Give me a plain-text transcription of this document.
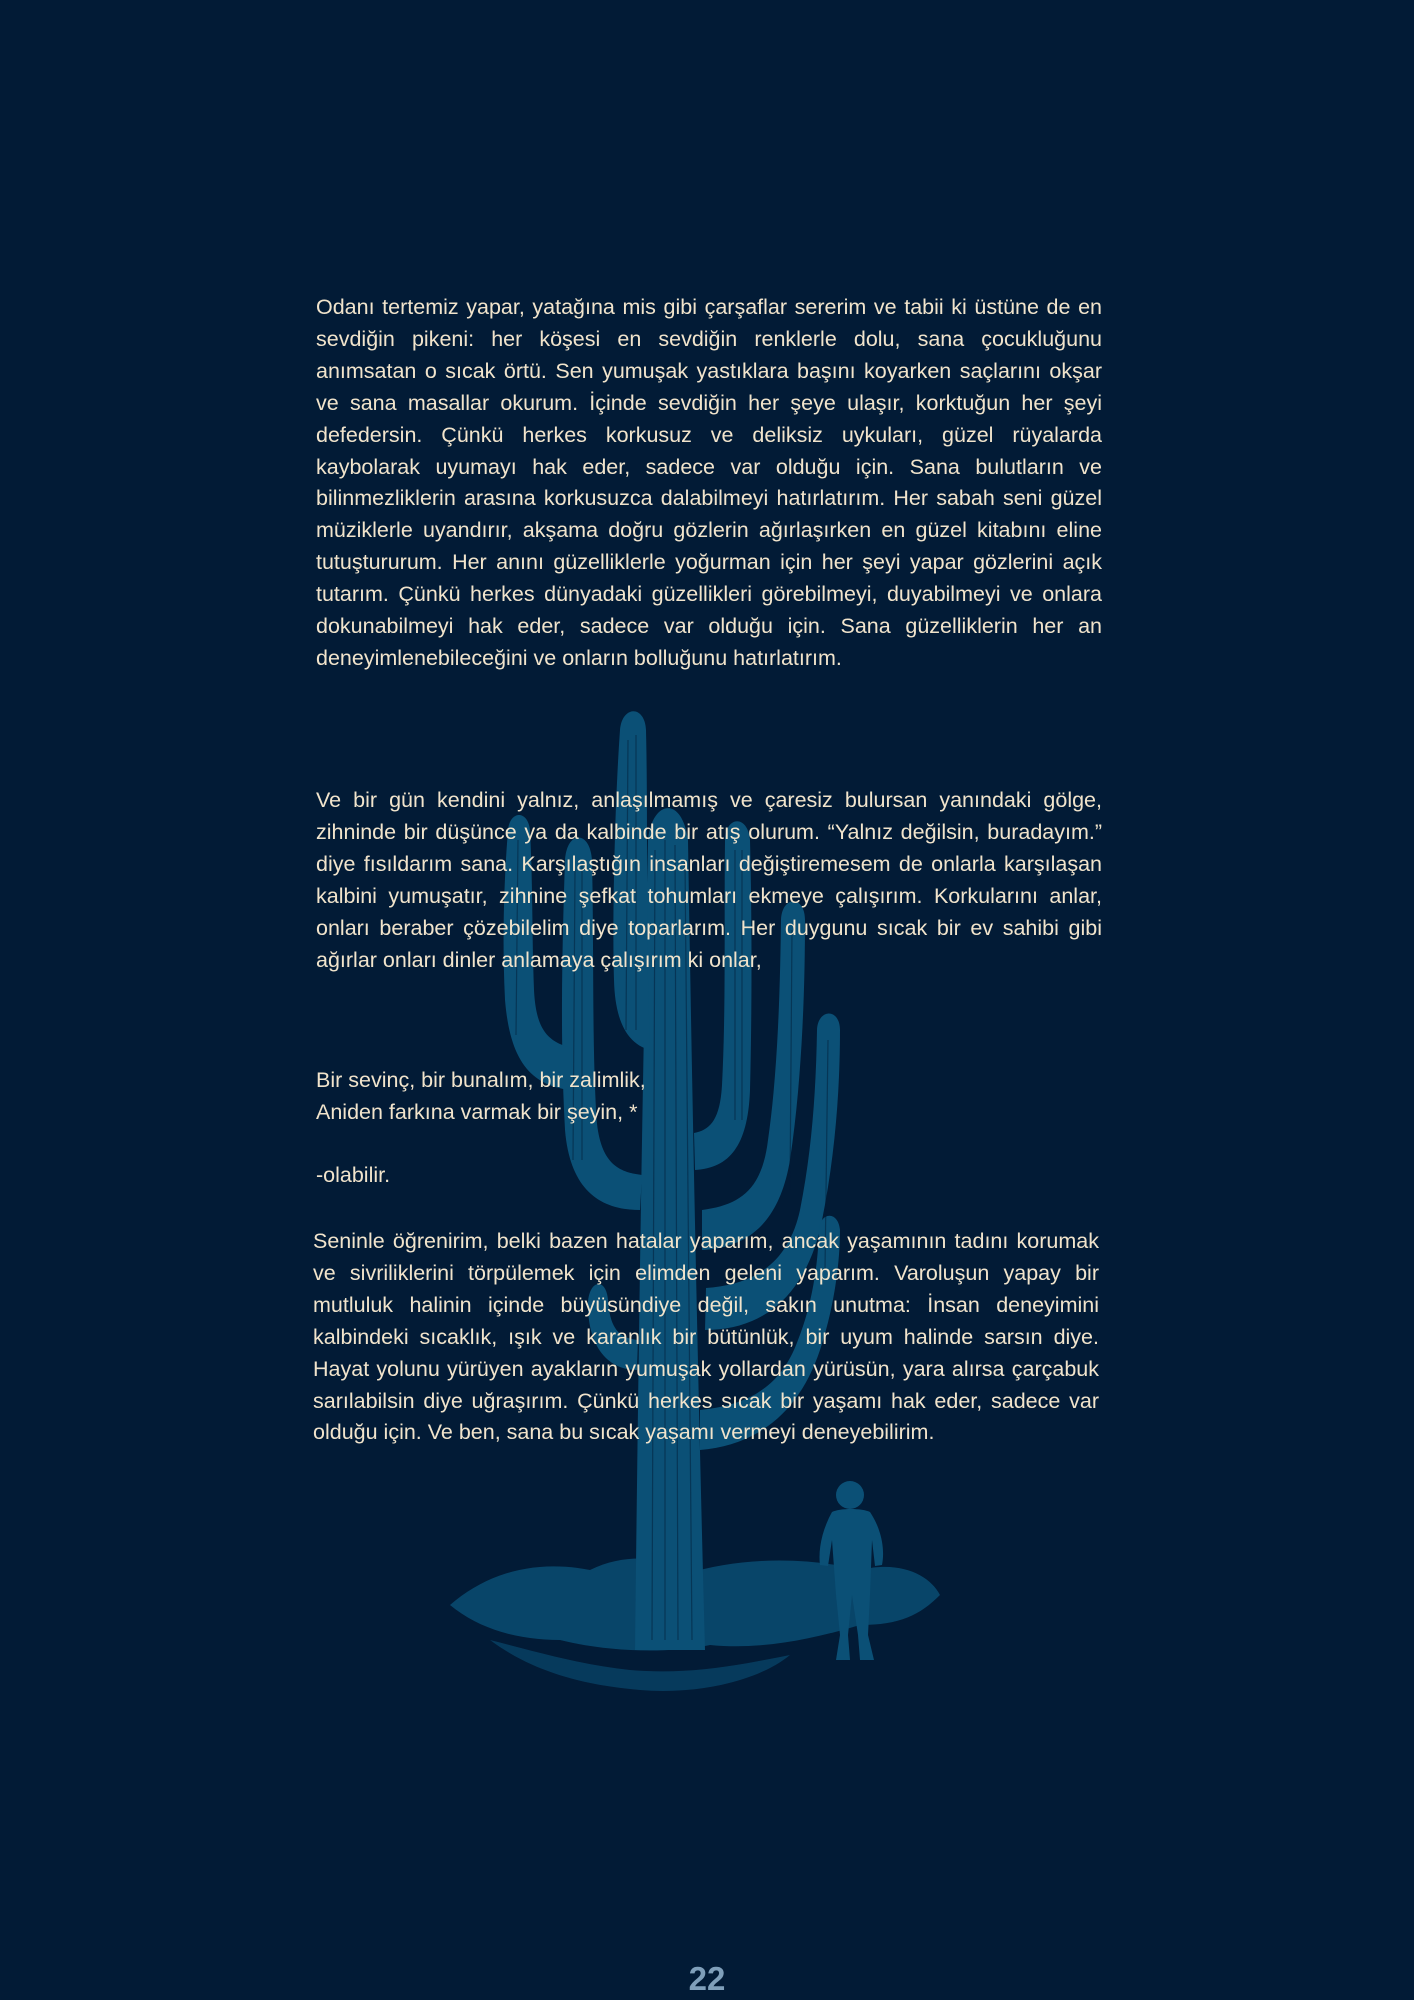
Odanı tertemiz yapar, yatağına mis gibi çarşaflar sererim ve tabii ki üstüne de en sevdiğin pikeni: her köşesi en sevdiğin renklerle dolu, sana çocukluğunu anımsatan o sıcak örtü. Sen yumuşak yastıklara başını koyarken saçlarını okşar ve sana masallar okurum. İçinde sevdiğin her şeye ulaşır, korktuğun her şeyi defedersin. Çünkü herkes korkusuz ve deliksiz uykuları, güzel rüyalarda kaybolarak uyumayı hak eder, sadece var olduğu için. Sana bulutların ve bilinmezliklerin arasına korkusuzca dalabilmeyi hatırlatırım. Her sabah seni güzel müziklerle uyandırır, akşama doğru gözlerin ağırlaşırken en güzel kitabını eline tutuştururum. Her anını güzelliklerle yoğurman için her şeyi yapar gözlerini açık tutarım. Çünkü herkes dünyadaki güzellikleri görebilmeyi, duyabilmeyi ve onlara dokunabilmeyi hak eder, sadece var olduğu için. Sana güzelliklerin her an deneyimlenebileceğini ve onların bolluğunu hatırlatırım.

Ve bir gün kendini yalnız, anlaşılmamış ve çaresiz bulursan yanındaki gölge, zihninde bir düşünce ya da kalbinde bir atış olurum. “Yalnız değilsin, buradayım.” diye fısıldarım sana. Karşılaştığın insanları değiştiremesem de onlarla karşılaşan kalbini yumuşatır, zihnine şefkat tohumları ekmeye çalışırım. Korkularını anlar, onları beraber çözebilelim diye toparlarım. Her duygunu sıcak bir ev sahibi gibi ağırlar onları dinler anlamaya çalışırım ki onlar,

Bir sevinç, bir bunalım, bir zalimlik,
Aniden farkına varmak bir şeyin, *

-olabilir.

Seninle öğrenirim, belki bazen hatalar yaparım, ancak yaşamının tadını korumak ve sivriliklerini törpülemek için elimden geleni yaparım. Varoluşun yapay bir mutluluk halinin içinde büyüsündiye değil, sakın unutma: İnsan deneyimini kalbindeki sıcaklık, ışık ve karanlık bir bütünlük, bir uyum halinde sarsın diye. Hayat yolunu yürüyen ayakların yumuşak yollardan yürüsün, yara alırsa çarçabuk sarılabilsin diye uğraşırım. Çünkü herkes sıcak bir yaşamı hak eder, sadece var olduğu için. Ve ben, sana bu sıcak yaşamı vermeyi deneyebilirim.

22
